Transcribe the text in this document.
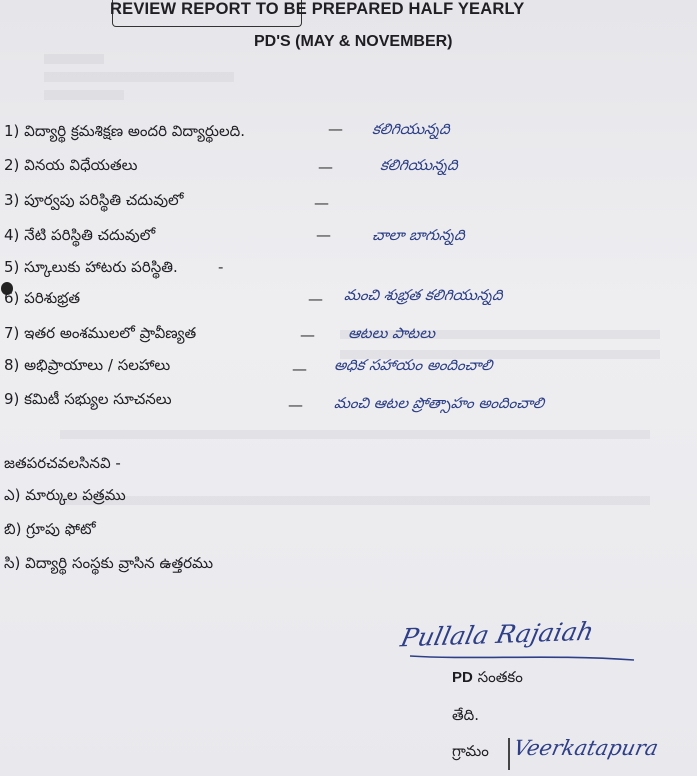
REVIEW REPORT TO BE PREPARED HALF YEARLY
PD'S (MAY & NOVEMBER)
1) విద్యార్థి క్రమశిక్షణ అందరి విద్యార్థులది.	— కలిగియున్నది
2) వినయ విధేయతలు	—	కలిగియున్నది
3) పూర్వపు పరిస్థితి చదువులో	—
4) నేటి పరిస్థితి చదువులో	—	చాలా బాగున్నది
5) స్కూలుకు హాటరు పరిస్థితి.	-
6) పరిశుభ్రత	— మంచి శుభ్రత కలిగియున్నది
7) ఇతర అంశములలో ప్రావీణ్యత	— ఆటలు పాటలు
8) అభిప్రాయాలు / సలహాలు	— అధిక సహాయం అందించాలి
9) కమిటీ సభ్యుల సూచనలు	— మంచి ఆటల ప్రోత్సాహం అందించాలి
జతపరచవలసినవి -
ఎ) మార్కుల పత్రము
బి) గ్రూపు ఫోటో
సి) విద్యార్థి సంస్థకు వ్రాసిన ఉత్తరము
Pullala Rajaiah
PD సంతకం
తేది.
గ్రామం Veerkatapura
